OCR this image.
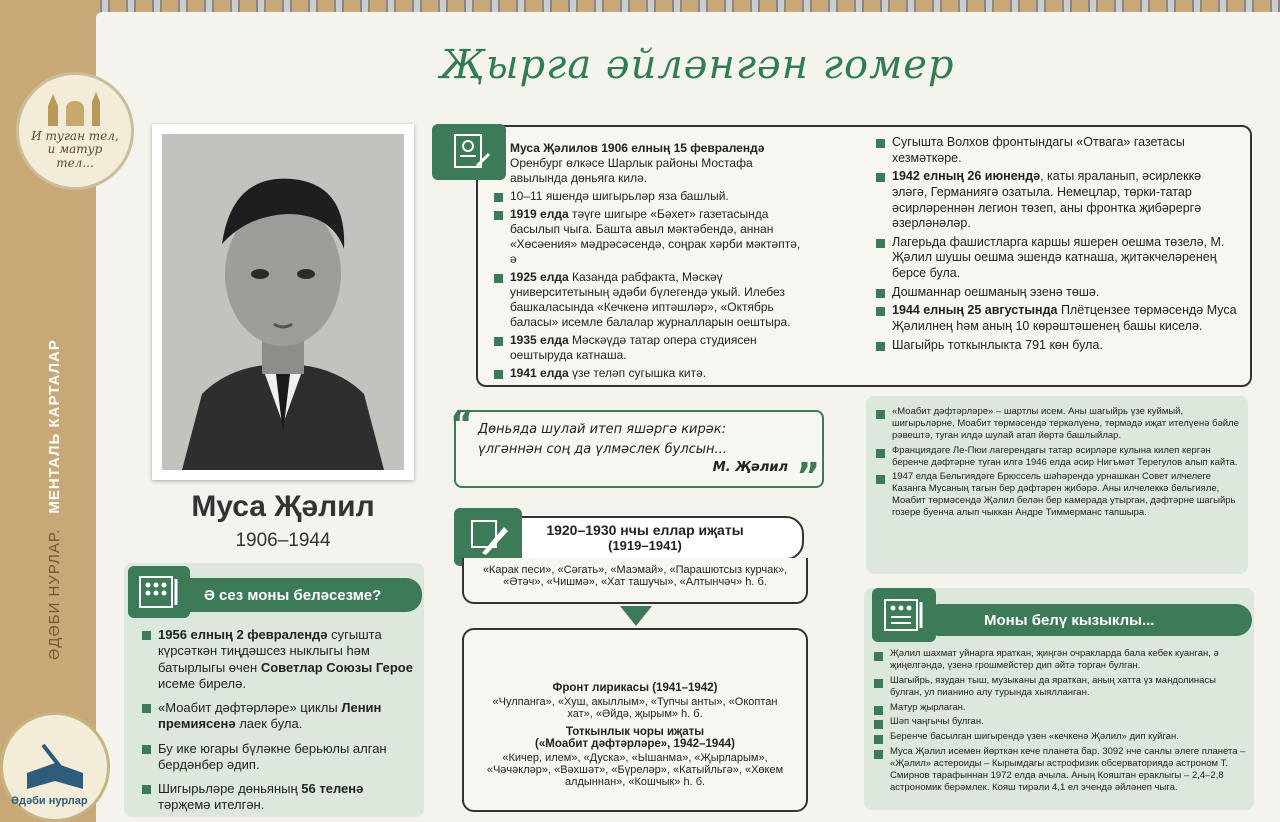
И туган тел, и матур тел...
ӘДӘБИ НУРЛАР. МЕНТАЛЬ КАРТАЛАР
Әдәби нурлар
Җырга әйләнгән гомер
Муса Җәлил
1906–1944
1956 елның 2 февралендә сугышта күрсәткән тиңдәшсез ныклыгы һәм батырлыгы өчен Советлар Союзы Герое исеме бирелә.
«Моабит дәфтәрләре» циклы Ленин премиясенә лаек була.
Бу ике югары бүләкне берьюлы алган бердәнбер әдип.
Шигырьләре дөньяның 56 теленә тәрҗемә ителгән.
Ә сез моны беләсезме?
Муса Җәлилов 1906 елның 15 февралендә Оренбург өлкәсе Шарлык районы Мостафа авылында дөньяга килә.
10–11 яшендә шигырьләр яза башлый.
1919 елда тәүге шигыре «Бәхет» газетасында басылып чыга. Башта авыл мәктәбендә, аннан «Хөсәения» мәдрәсәсендә, соңрак хәрби мәктәптә, ә
1925 елда Казанда рабфакта, Мәскәү университетының әдәби бүлегендә укый. Илебез башкаласында «Кечкенә иптәшләр», «Октябрь баласы» исемле балалар журналларын оештыра.
1935 елда Мәскәүдә татар опера студиясен оештыруда катнаша.
1941 елда үзе теләп сугышка китә.
Сугышта Волхов фронтындагы «Отвага» газетасы хезмәткәре.
1942 елның 26 июнендә, каты яраланып, әсирлеккә эләгә, Германиягә озатыла. Немецлар, төрки-татар әсирләреннән легион төзеп, аны фронтка җибәрергә әзерләнәләр.
Лагерьда фашистларга каршы яшерен оешма төзелә, М. Җәлил шушы оешма эшендә катнаша, җитәкчеләренең берсе була.
Дошманнар оешманың эзенә төшә.
1944 елның 25 августында Плётцензее төрмәсендә Муса Җәлилнең һәм аның 10 көрәштәшенең башы киселә.
Шагыйрь тоткынлыкта 791 көн була.
“ Дөньяда шулай итеп яшәргә кирәк:
үлгәннән соң да үлмәслек булсын...
М. Җәлил ”
«Моабит дәфтәрләре» – шартлы исем. Аны шагыйрь үзе куймый, шигырьләрне, Моабит төрмәсендә теркәлүенә, төрмәдә иҗат ителүенә бәйле рәвештә, туган илдә шулай атап йөртә башлыйлар.
Франциядәге Ле-Пюи лагерендагы татар әсирләре кулына килеп кергән беренче дәфтәрне туган илгә 1946 елда әсир Нигъмәт Терегулов алып кайта.
1947 елда Бельгиядәге Брюссель шәһәрендә урнашкан Совет илчелеге Казанга Мусаның тагын бер дәфтәрен җибәрә. Аны илчелеккә бельгияле, Моабит төрмәсендә Җәлил белән бер камерада утырган, дәфтәрне шагыйрь гозере буенча алып чыккан Андре Тиммерманс тапшыра.
1920–1930 нчы еллар иҗаты
(1919–1941)
«Карак песи», «Сәгать», «Маэмай», «Парашютсыз курчак», «Әтәч», «Чишмә», «Хат ташучы», «Алтынчәч» һ. б.
Фронт лирикасы (1941–1942)
«Чулпанга», «Хуш, акыллым», «Тупчы анты», «Окоптан хат», «Әйдә, җырым» һ. б.
Тоткынлык чоры иҗаты
(«Моабит дәфтәрләре», 1942–1944)
«Кичер, илем», «Дуска», «Ышанма», «Җырларым», «Чәчәкләр», «Вәхшәт», «Бүреләр», «Катыйльгә», «Хөкем алдыннан», «Кошчык» һ. б.
Җәлил шахмат уйнарга яраткан, җиңгән очракларда бала кебек куанган, ә җиңелгәндә, үзенә грошмейстер дип әйтә торган булган.
Шагыйрь, язудан тыш, музыканы да яраткан, аның хатта үз мандолинасы булган, ул пианино алу турында хыялланган.
Матур җырлаган.
Шәп чаңгычы булган.
Беренче басылган шигырендә үзен «кечкенә Җәлил» дип куйган.
Муса Җәлил исемен йөрткән кече планета бар. 3092 нче санлы әлеге планета – «Җәлил» астероиды – Кырымдагы астрофизик обсерваториядә астроном Т. Смирнов тарафыннан 1972 елда ачыла. Аның Кояштан ераклыгы – 2,4–2,8 астрономик берәмлек. Кояш тирәли 4,1 ел эчендә әйләнеп чыга.
Моны белү кызыклы...
